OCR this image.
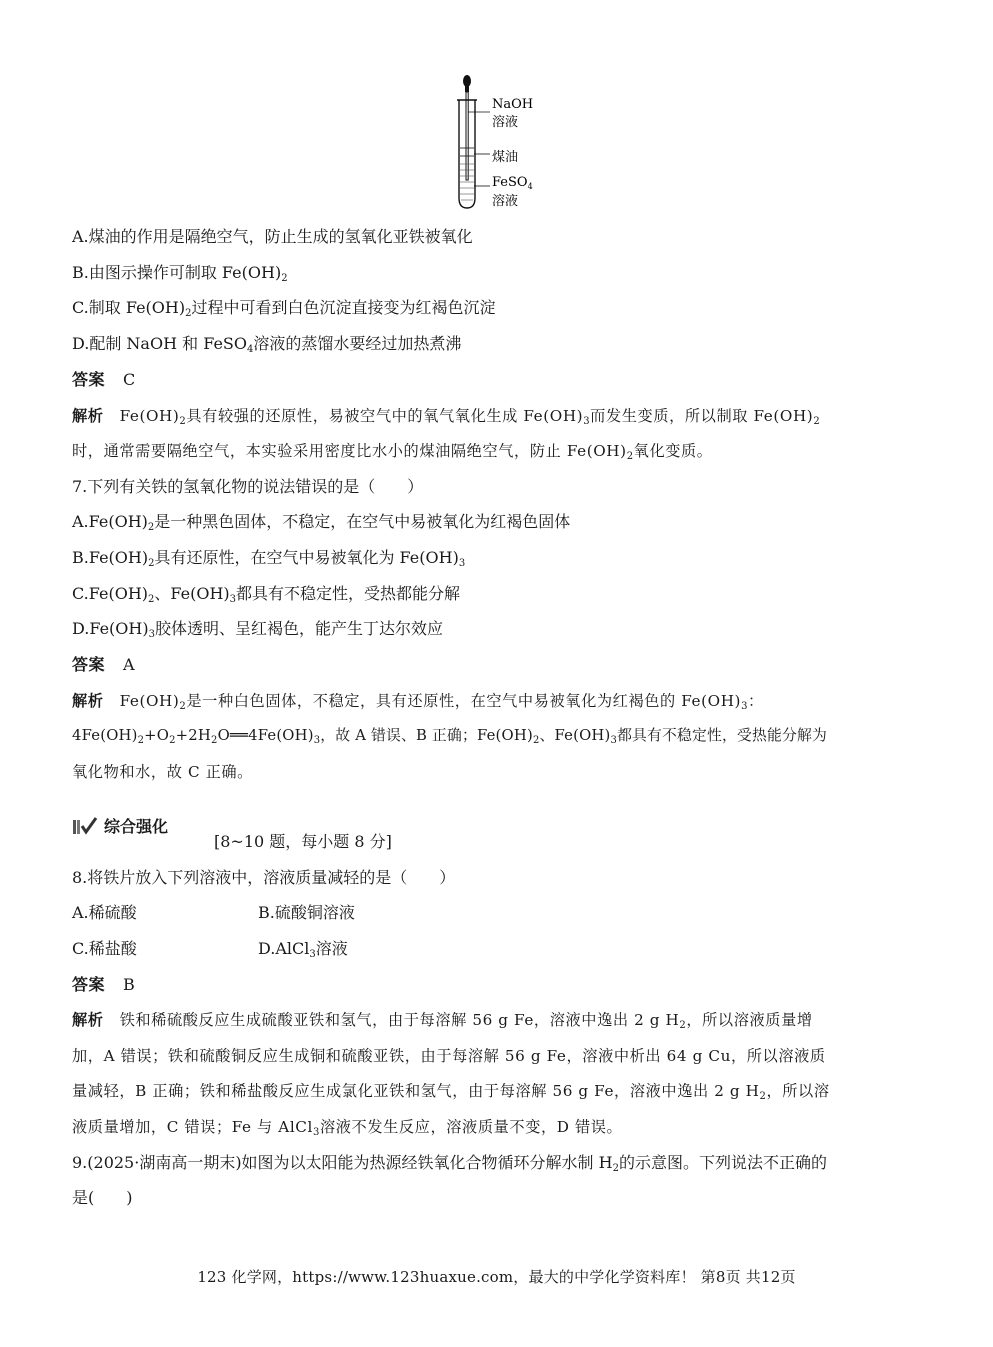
NaOH
溶液
煤油
FeSO$_4$
溶液
A.煤油的作用是隔绝空气，防止生成的氢氧化亚铁被氧化
B.由图示操作可制取 $Fe(OH)_2$
C.制取 $Fe(OH)_2$过程中可看到白色沉淀直接变为红褐色沉淀
D.配制 NaOH 和 FeSO$_4$溶液的蒸馏水要经过加热煮沸
答案 C
解析 $Fe(OH)_2$具有较强的还原性，易被空气中的氧气氧化生成 $Fe(OH)_3$而发生变质，所以制取 $Fe(OH)_2$
时，通常需要隔绝空气，本实验采用密度比水小的煤油隔绝空气，防止 $Fe(OH)_2$氧化变质。
7.下列有关铁的氢氧化物的说法错误的是（　　）
$A.Fe(OH)_2$是一种黑色固体，不稳定，在空气中易被氧化为红褐色固体
$B.Fe(OH)_2$具有还原性，在空气中易被氧化为 $Fe(OH)_3$
$C.Fe(OH)_2$、$Fe(OH)_3$都具有不稳定性，受热都能分解
$D.Fe(OH)_3$胶体透明、呈红褐色，能产生丁达尔效应
答案 A
解析 $Fe(OH)_2$是一种白色固体，不稳定，具有还原性，在空气中易被氧化为红褐色的 $Fe(OH)_3$：
$4Fe(OH)_2+O_2+2H_2O══4Fe(OH)_3$，故 A 错误、B 正确；$Fe(OH)_2$、$Fe(OH)_3$都具有不稳定性，受热能分解为
氧化物和水，故 C 正确。
综合强化
[8~10 题，每小题 8 分]
8.将铁片放入下列溶液中，溶液质量减轻的是（　　）
A.稀硫酸	B.硫酸铜溶液
C.稀盐酸	D.AlCl$_3$溶液
答案 B
解析 铁和稀硫酸反应生成硫酸亚铁和氢气，由于每溶解 56 g Fe，溶液中逸出 2 g $H_2$，所以溶液质量增
加，A 错误；铁和硫酸铜反应生成铜和硫酸亚铁，由于每溶解 56 g Fe，溶液中析出 64 g Cu，所以溶液质
量减轻，B 正确；铁和稀盐酸反应生成氯化亚铁和氢气，由于每溶解 56 g Fe，溶液中逸出 2 g $H_2$，所以溶
液质量增加，C 错误；Fe 与 AlCl$_3$溶液不发生反应，溶液质量不变，D 错误。
9.(2025·湖南高一期末)如图为以太阳能为热源经铁氧化合物循环分解水制 $H_2$的示意图。下列说法不正确的
是(　　)
123 化学网，https://www.123huaxue.com，最大的中学化学资料库！ 第8页 共12页
